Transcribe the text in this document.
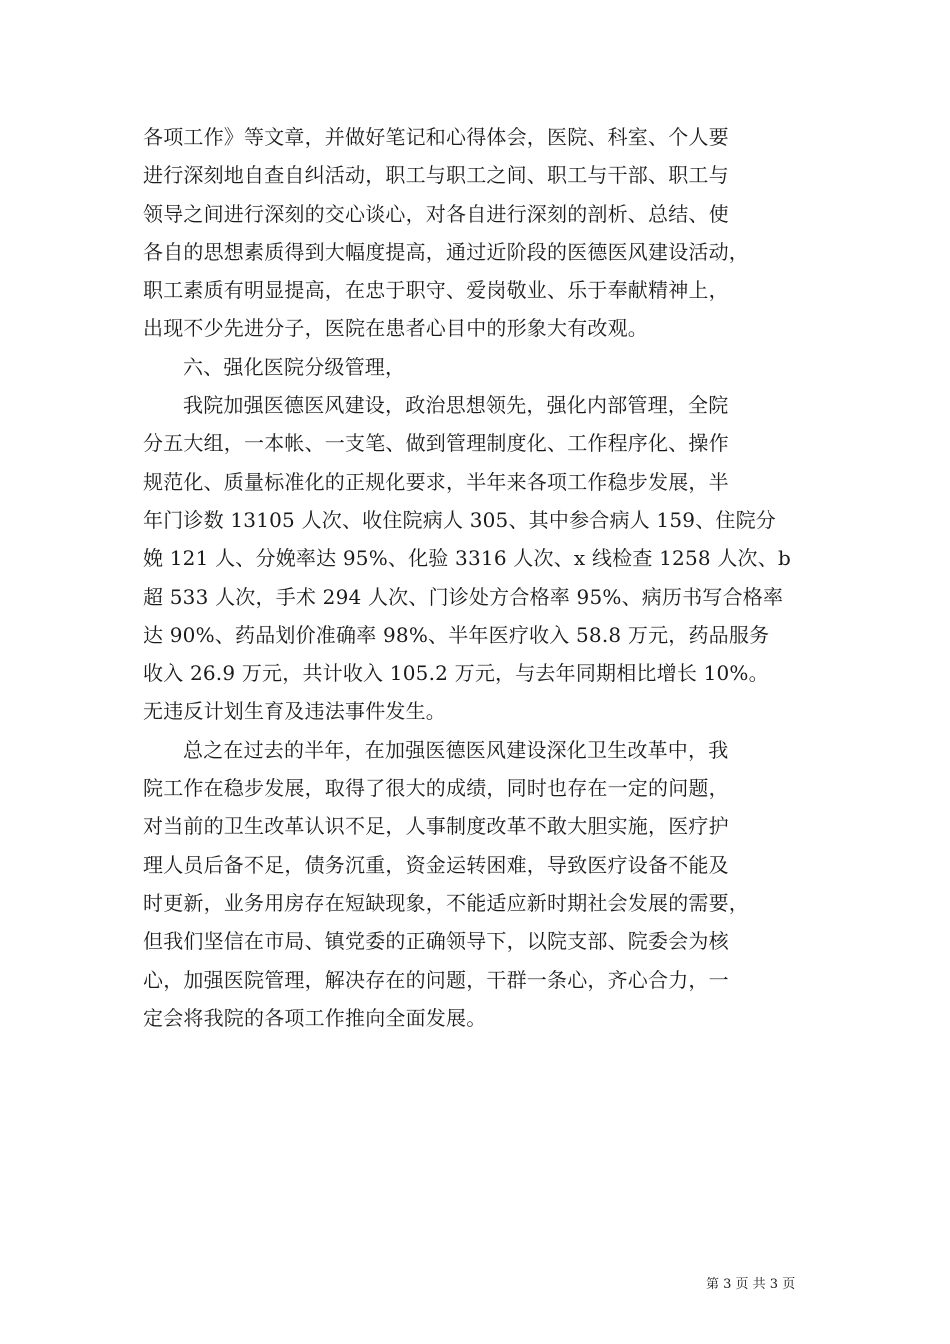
各项工作》等文章，并做好笔记和心得体会，医院、科室、个人要
进行深刻地自查自纠活动，职工与职工之间、职工与干部、职工与
领导之间进行深刻的交心谈心，对各自进行深刻的剖析、总结、使
各自的思想素质得到大幅度提高，通过近阶段的医德医风建设活动，
职工素质有明显提高，在忠于职守、爱岗敬业、乐于奉献精神上，
出现不少先进分子，医院在患者心目中的形象大有改观。
六、强化医院分级管理，
我院加强医德医风建设，政治思想领先，强化内部管理，全院
分五大组，一本帐、一支笔、做到管理制度化、工作程序化、操作
规范化、质量标准化的正规化要求，半年来各项工作稳步发展，半
年门诊数 13105 人次、收住院病人 305、其中参合病人 159、住院分
娩 121 人、分娩率达 95%、化验 3316 人次、x 线检查 1258 人次、b
超 533 人次，手术 294 人次、门诊处方合格率 95%、病历书写合格率
达 90%、药品划价准确率 98%、半年医疗收入 58.8 万元，药品服务
收入 26.9 万元，共计收入 105.2 万元，与去年同期相比增长 10%。
无违反计划生育及违法事件发生。
总之在过去的半年，在加强医德医风建设深化卫生改革中，我
院工作在稳步发展，取得了很大的成绩，同时也存在一定的问题，
对当前的卫生改革认识不足，人事制度改革不敢大胆实施，医疗护
理人员后备不足，债务沉重，资金运转困难，导致医疗设备不能及
时更新，业务用房存在短缺现象，不能适应新时期社会发展的需要，
但我们坚信在市局、镇党委的正确领导下，以院支部、院委会为核
心，加强医院管理，解决存在的问题，干群一条心，齐心合力，一
定会将我院的各项工作推向全面发展。
第 3 页 共 3 页
